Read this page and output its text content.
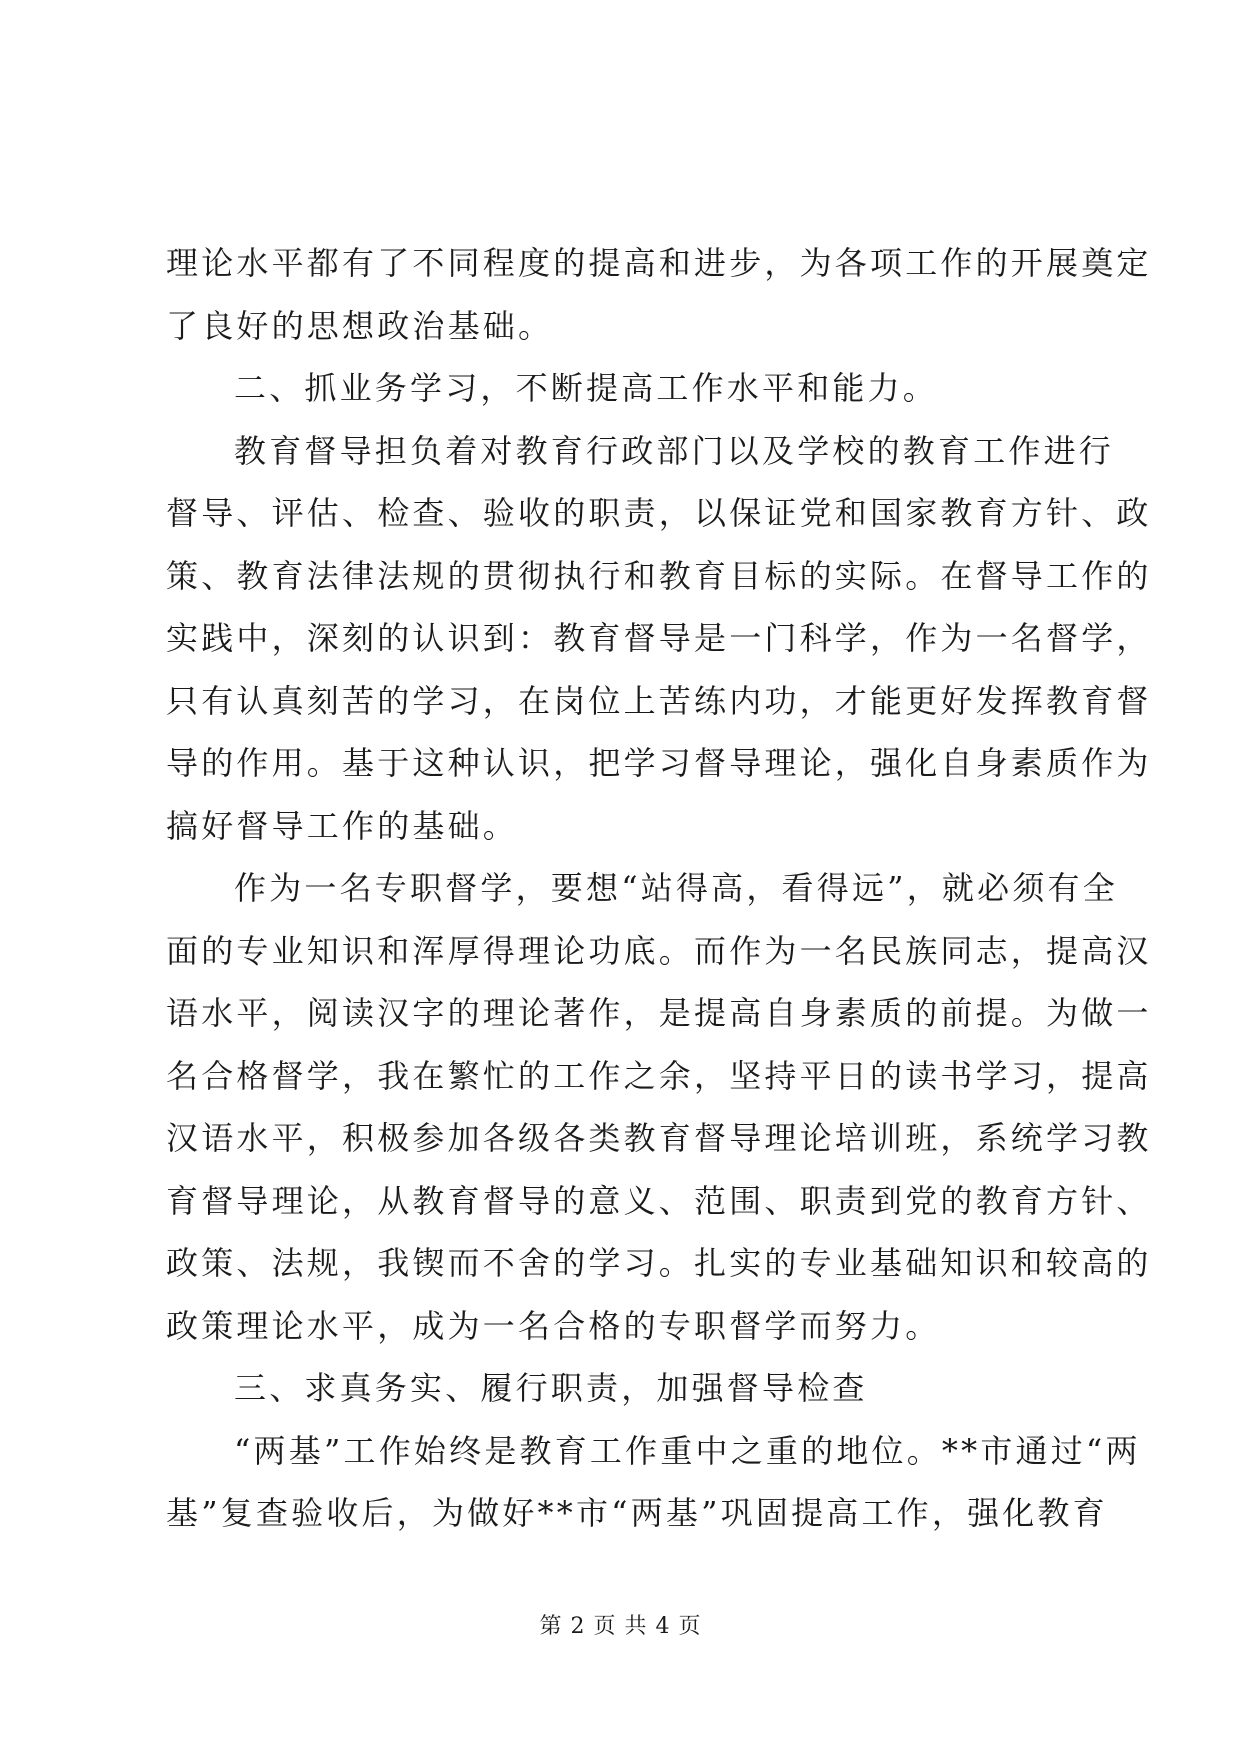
理论水平都有了不同程度的提高和进步，为各项工作的开展奠定
了良好的思想政治基础。
二、抓业务学习，不断提高工作水平和能力。
教育督导担负着对教育行政部门以及学校的教育工作进行
督导、评估、检查、验收的职责，以保证党和国家教育方针、政
策、教育法律法规的贯彻执行和教育目标的实际。在督导工作的
实践中，深刻的认识到：教育督导是一门科学，作为一名督学，
只有认真刻苦的学习，在岗位上苦练内功，才能更好发挥教育督
导的作用。基于这种认识，把学习督导理论，强化自身素质作为
搞好督导工作的基础。
作为一名专职督学，要想“站得高，看得远”，就必须有全
面的专业知识和浑厚得理论功底。而作为一名民族同志，提高汉
语水平，阅读汉字的理论著作，是提高自身素质的前提。为做一
名合格督学，我在繁忙的工作之余，坚持平日的读书学习，提高
汉语水平，积极参加各级各类教育督导理论培训班，系统学习教
育督导理论，从教育督导的意义、范围、职责到党的教育方针、
政策、法规，我锲而不舍的学习。扎实的专业基础知识和较高的
政策理论水平，成为一名合格的专职督学而努力。
三、求真务实、履行职责，加强督导检查
“两基”工作始终是教育工作重中之重的地位。**市通过“两
基”复查验收后，为做好**市“两基”巩固提高工作，强化教育
第 2 页 共 4 页
